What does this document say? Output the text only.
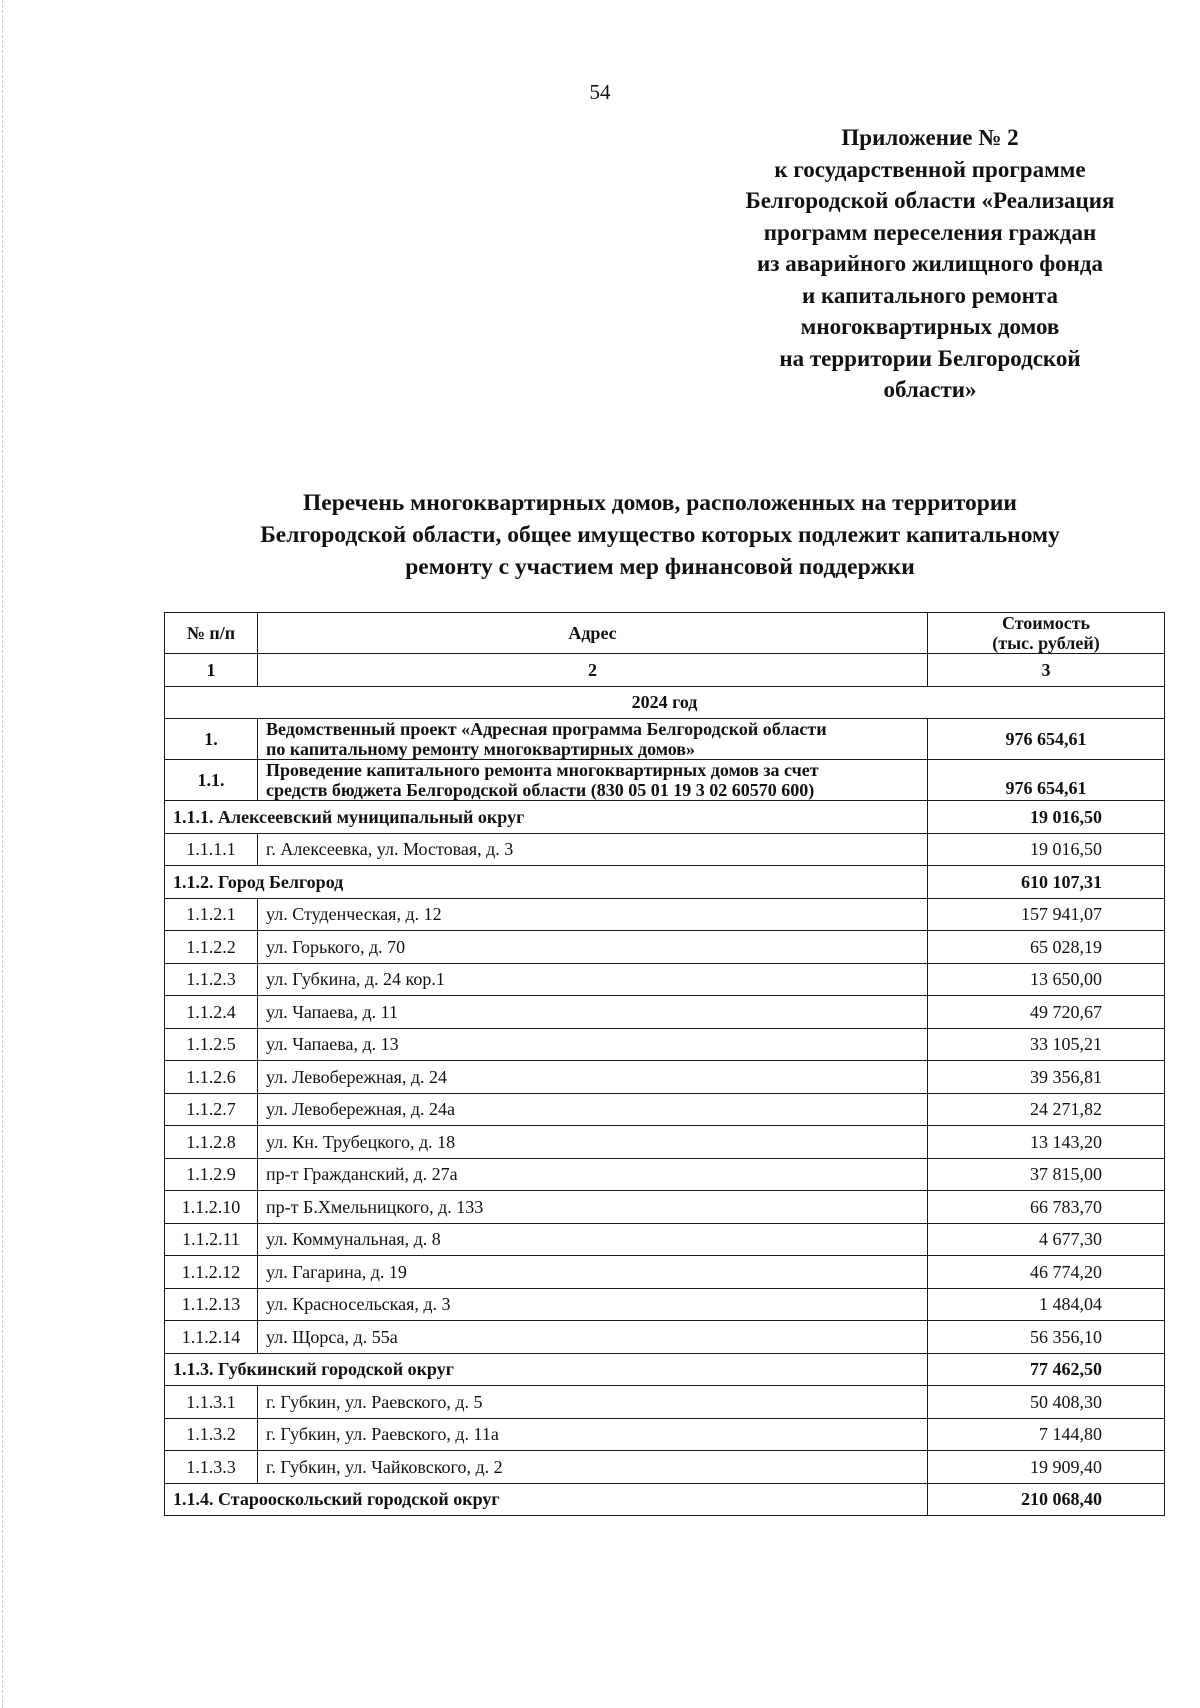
54
Приложение № 2
к государственной программе
Белгородской области «Реализация
программ переселения граждан
из аварийного жилищного фонда
и капитального ремонта
многоквартирных домов
на территории Белгородской
области»
Перечень многоквартирных домов, расположенных на территории
Белгородской области, общее имущество которых подлежит капитальному
ремонту с участием мер финансовой поддержки
№ п/п	Адрес	Стоимость
(тыс. рублей)
1	2	3
2024 год		
1.	Ведомственный проект «Адресная программа Белгородской области
по капитальному ремонту многоквартирных домов»	976 654,61
1.1.	Проведение капитального ремонта многоквартирных домов за счет
средств бюджета Белгородской области (830 05 01 19 3 02 60570 600)	976 654,61
1.1.1. Алексеевский муниципальный округ		19 016,50
1.1.1.1	г. Алексеевка, ул. Мостовая, д. 3	19 016,50
1.1.2. Город Белгород		610 107,31
1.1.2.1	ул. Студенческая, д. 12	157 941,07
1.1.2.2	ул. Горького, д. 70	65 028,19
1.1.2.3	ул. Губкина, д. 24 кор.1	13 650,00
1.1.2.4	ул. Чапаева, д. 11	49 720,67
1.1.2.5	ул. Чапаева, д. 13	33 105,21
1.1.2.6	ул. Левобережная, д. 24	39 356,81
1.1.2.7	ул. Левобережная, д. 24а	24 271,82
1.1.2.8	ул. Кн. Трубецкого, д. 18	13 143,20
1.1.2.9	пр-т Гражданский, д. 27а	37 815,00
1.1.2.10	пр-т Б.Хмельницкого, д. 133	66 783,70
1.1.2.11	ул. Коммунальная, д. 8	4 677,30
1.1.2.12	ул. Гагарина, д. 19	46 774,20
1.1.2.13	ул. Красносельская, д. 3	1 484,04
1.1.2.14	ул. Щорса, д. 55а	56 356,10
1.1.3. Губкинский городской округ		77 462,50
1.1.3.1	г. Губкин, ул. Раевского, д. 5	50 408,30
1.1.3.2	г. Губкин, ул. Раевского, д. 11а	7 144,80
1.1.3.3	г. Губкин, ул. Чайковского, д. 2	19 909,40
1.1.4. Старооскольский городской округ		210 068,40
